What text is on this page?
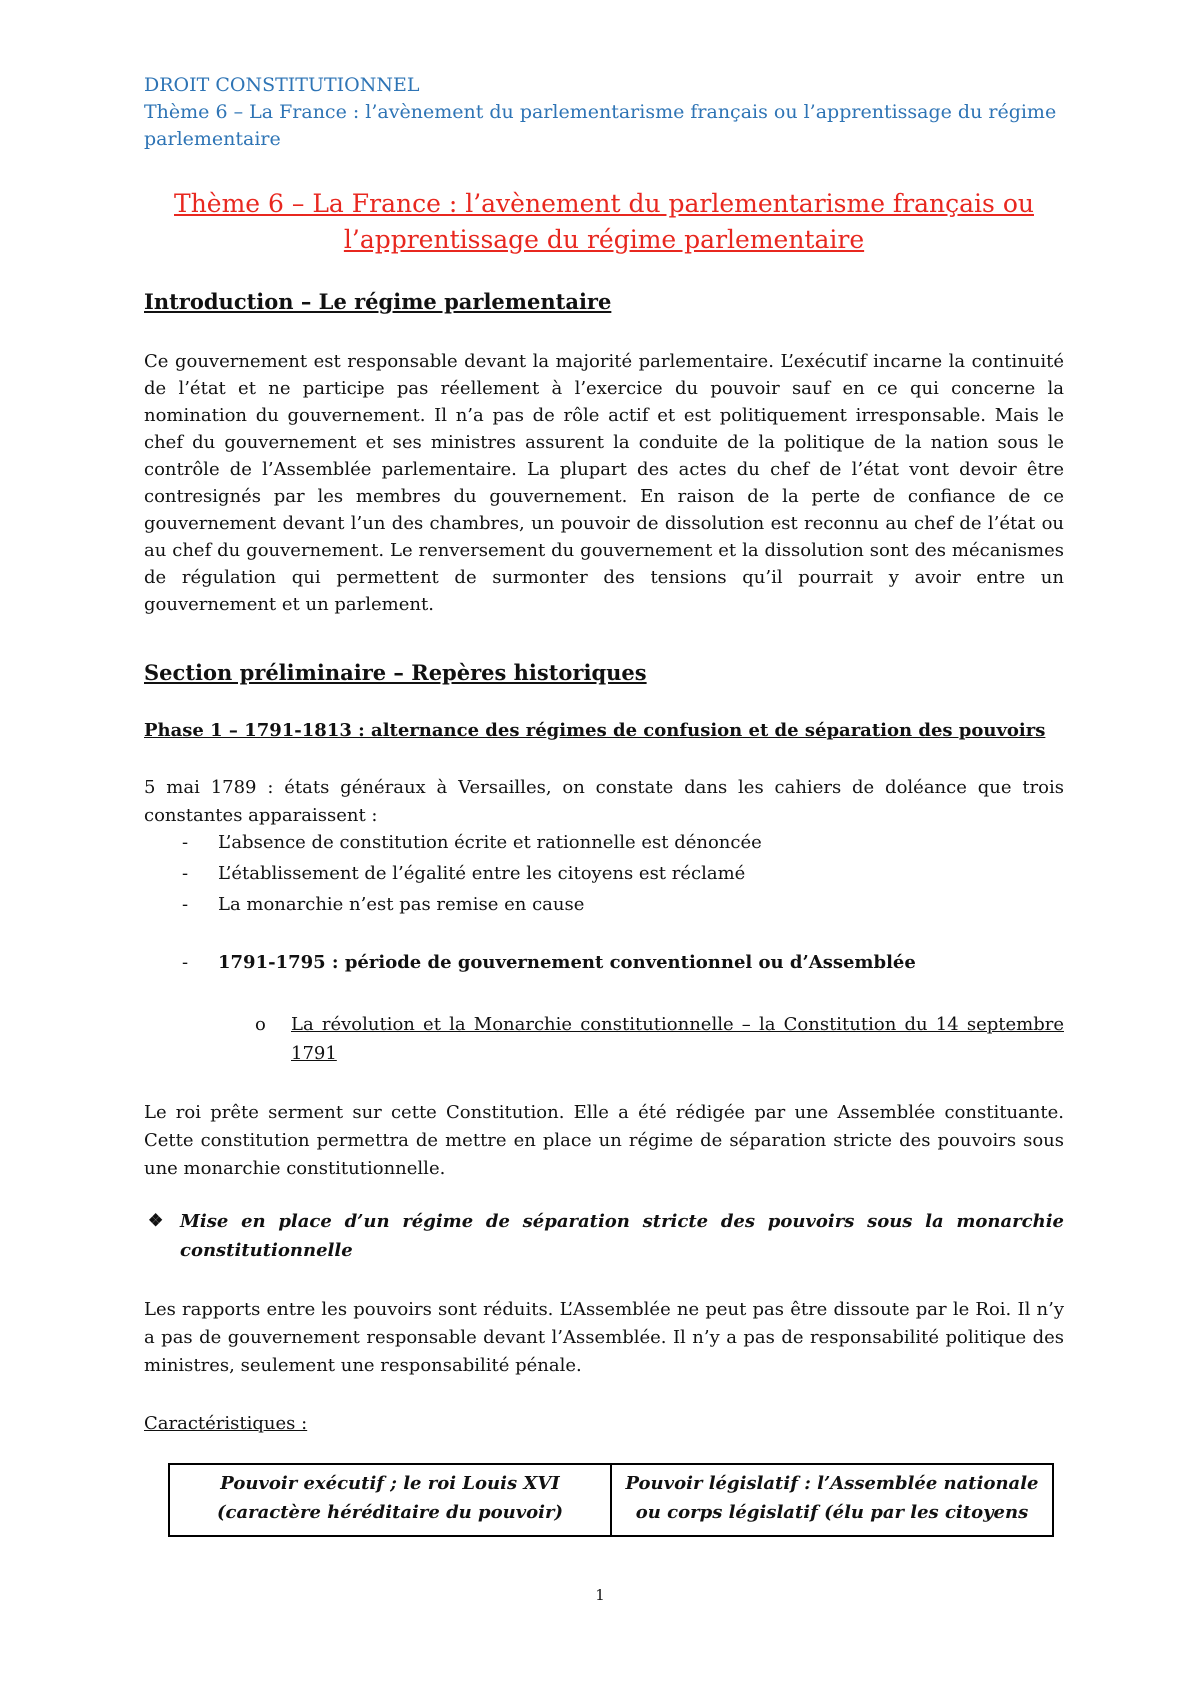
DROIT CONSTITUTIONNEL
Thème 6 – La France : l’avènement du parlementarisme français ou l’apprentissage du régime parlementaire
Thème 6 – La France : l’avènement du parlementarisme français ou l’apprentissage du régime parlementaire
Introduction – Le régime parlementaire
Ce gouvernement est responsable devant la majorité parlementaire. L’exécutif incarne la continuité de l’état et ne participe pas réellement à l’exercice du pouvoir sauf en ce qui concerne la nomination du gouvernement. Il n’a pas de rôle actif et est politiquement irresponsable. Mais le chef du gouvernement et ses ministres assurent la conduite de la politique de la nation sous le contrôle de l’Assemblée parlementaire. La plupart des actes du chef de l’état vont devoir être contresignés par les membres du gouvernement. En raison de la perte de confiance de ce gouvernement devant l’un des chambres, un pouvoir de dissolution est reconnu au chef de l’état ou au chef du gouvernement. Le renversement du gouvernement et la dissolution sont des mécanismes de régulation qui permettent de surmonter des tensions qu’il pourrait y avoir entre un gouvernement et un parlement.
Section préliminaire – Repères historiques
Phase 1 – 1791-1813 : alternance des régimes de confusion et de séparation des pouvoirs
5 mai 1789 : états généraux à Versailles, on constate dans les cahiers de doléance que trois constantes apparaissent :
- L’absence de constitution écrite et rationnelle est dénoncée
- L’établissement de l’égalité entre les citoyens est réclamé
- La monarchie n’est pas remise en cause
- 1791-1795 : période de gouvernement conventionnel ou d’Assemblée
o La révolution et la Monarchie constitutionnelle – la Constitution du 14 septembre 1791
Le roi prête serment sur cette Constitution. Elle a été rédigée par une Assemblée constituante. Cette constitution permettra de mettre en place un régime de séparation stricte des pouvoirs sous une monarchie constitutionnelle.
❖ Mise en place d’un régime de séparation stricte des pouvoirs sous la monarchie constitutionnelle
Les rapports entre les pouvoirs sont réduits. L’Assemblée ne peut pas être dissoute par le Roi. Il n’y a pas de gouvernement responsable devant l’Assemblée. Il n’y a pas de responsabilité politique des ministres, seulement une responsabilité pénale.
Caractéristiques :
Pouvoir exécutif ; le roi Louis XVI (caractère héréditaire du pouvoir)	Pouvoir législatif : l’Assemblée nationale ou corps législatif (élu par les citoyens
1
